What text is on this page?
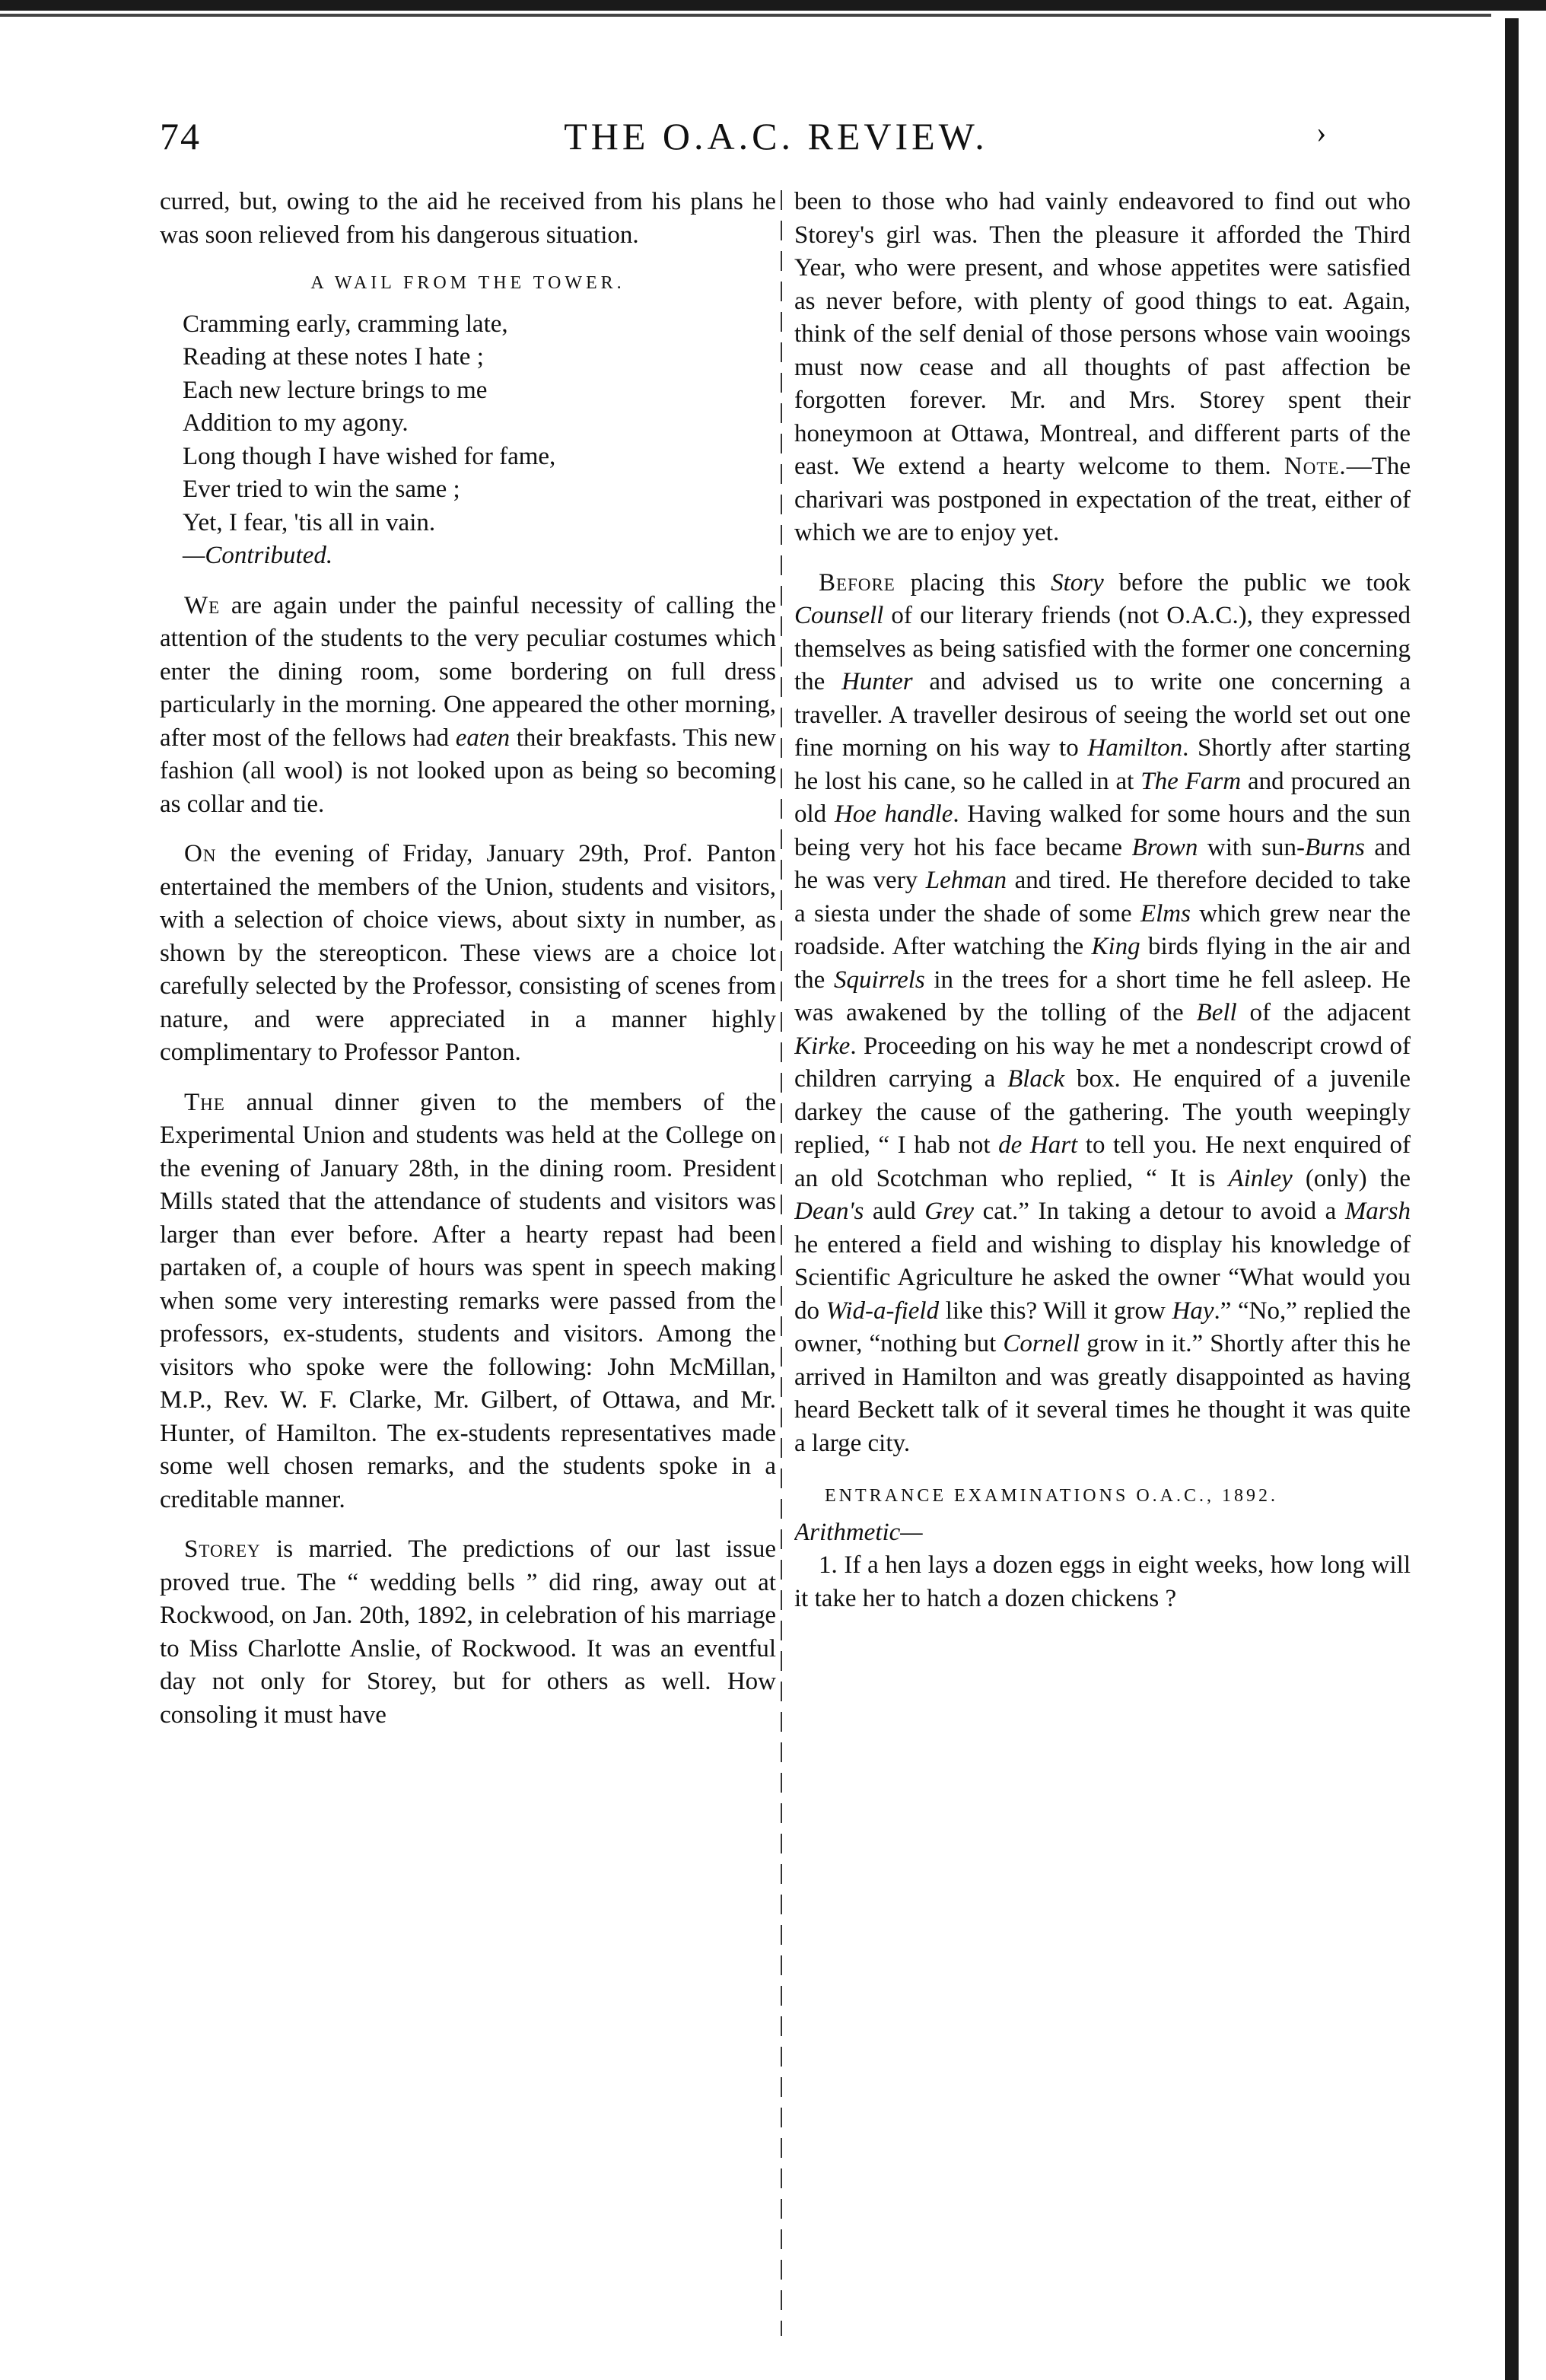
74	THE O.A.C. REVIEW.	›

curred, but, owing to the aid he received from his plans he was soon relieved from his dangerous situation.

A WAIL FROM THE TOWER.

Cramming early, cramming late,

Reading at these notes I hate ;

Each new lecture brings to me

Addition to my agony.

Long though I have wished for fame,

Ever tried to win the same ;

Yet, I fear, 'tis all in vain.

—Contributed.

We are again under the painful necessity of calling the attention of the students to the very peculiar costumes which enter the dining room, some bordering on full dress particularly in the morning. One appeared the other morning, after most of the fellows had eaten their breakfasts. This new fashion (all wool) is not looked upon as being so becoming as collar and tie.

On the evening of Friday, January 29th, Prof. Panton entertained the members of the Union, students and visitors, with a selection of choice views, about sixty in number, as shown by the stereopticon. These views are a choice lot carefully selected by the Professor, consisting of scenes from nature, and were appreciated in a manner highly complimentary to Professor Panton.

The annual dinner given to the members of the Experimental Union and students was held at the College on the evening of January 28th, in the dining room. President Mills stated that the attendance of students and visitors was larger than ever before. After a hearty repast had been partaken of, a couple of hours was spent in speech making when some very interesting remarks were passed from the professors, ex-students, students and visitors. Among the visitors who spoke were the following: John McMillan, M.P., Rev. W. F. Clarke, Mr. Gilbert, of Ottawa, and Mr. Hunter, of Hamilton. The ex-students representatives made some well chosen remarks, and the students spoke in a creditable manner.

Storey is married. The predictions of our last issue proved true. The “ wedding bells ” did ring, away out at Rockwood, on Jan. 20th, 1892, in celebration of his marriage to Miss Charlotte Anslie, of Rockwood. It was an eventful day not only for Storey, but for others as well. How consoling it must have

been to those who had vainly endeavored to find out who Storey's girl was. Then the pleasure it afforded the Third Year, who were present, and whose appetites were satisfied as never before, with plenty of good things to eat. Again, think of the self denial of those persons whose vain wooings must now cease and all thoughts of past affection be forgotten forever. Mr. and Mrs. Storey spent their honeymoon at Ottawa, Montreal, and different parts of the east. We extend a hearty welcome to them. Note.—The charivari was postponed in expectation of the treat, either of which we are to enjoy yet.

Before placing this Story before the public we took Counsell of our literary friends (not O.A.C.), they expressed themselves as being satisfied with the former one concerning the Hunter and advised us to write one concerning a traveller. A traveller desirous of seeing the world set out one fine morning on his way to Hamilton. Shortly after starting he lost his cane, so he called in at The Farm and procured an old Hoe handle. Having walked for some hours and the sun being very hot his face became Brown with sun-Burns and he was very Lehman and tired. He therefore decided to take a siesta under the shade of some Elms which grew near the roadside. After watching the King birds flying in the air and the Squirrels in the trees for a short time he fell asleep. He was awakened by the tolling of the Bell of the adjacent Kirke. Proceeding on his way he met a nondescript crowd of children carrying a Black box. He enquired of a juvenile darkey the cause of the gathering. The youth weepingly replied, “ I hab not de Hart to tell you. He next enquired of an old Scotchman who replied, “ It is Ainley (only) the Dean's auld Grey cat.” In taking a detour to avoid a Marsh he entered a field and wishing to display his knowledge of Scientific Agriculture he asked the owner “What would you do Wid-a-field like this? Will it grow Hay.” “No,” replied the owner, “nothing but Cornell grow in it.” Shortly after this he arrived in Hamilton and was greatly disappointed as having heard Beckett talk of it several times he thought it was quite a large city.

ENTRANCE EXAMINATIONS O.A.C., 1892.

Arithmetic—

1. If a hen lays a dozen eggs in eight weeks, how long will it take her to hatch a dozen chickens ?
